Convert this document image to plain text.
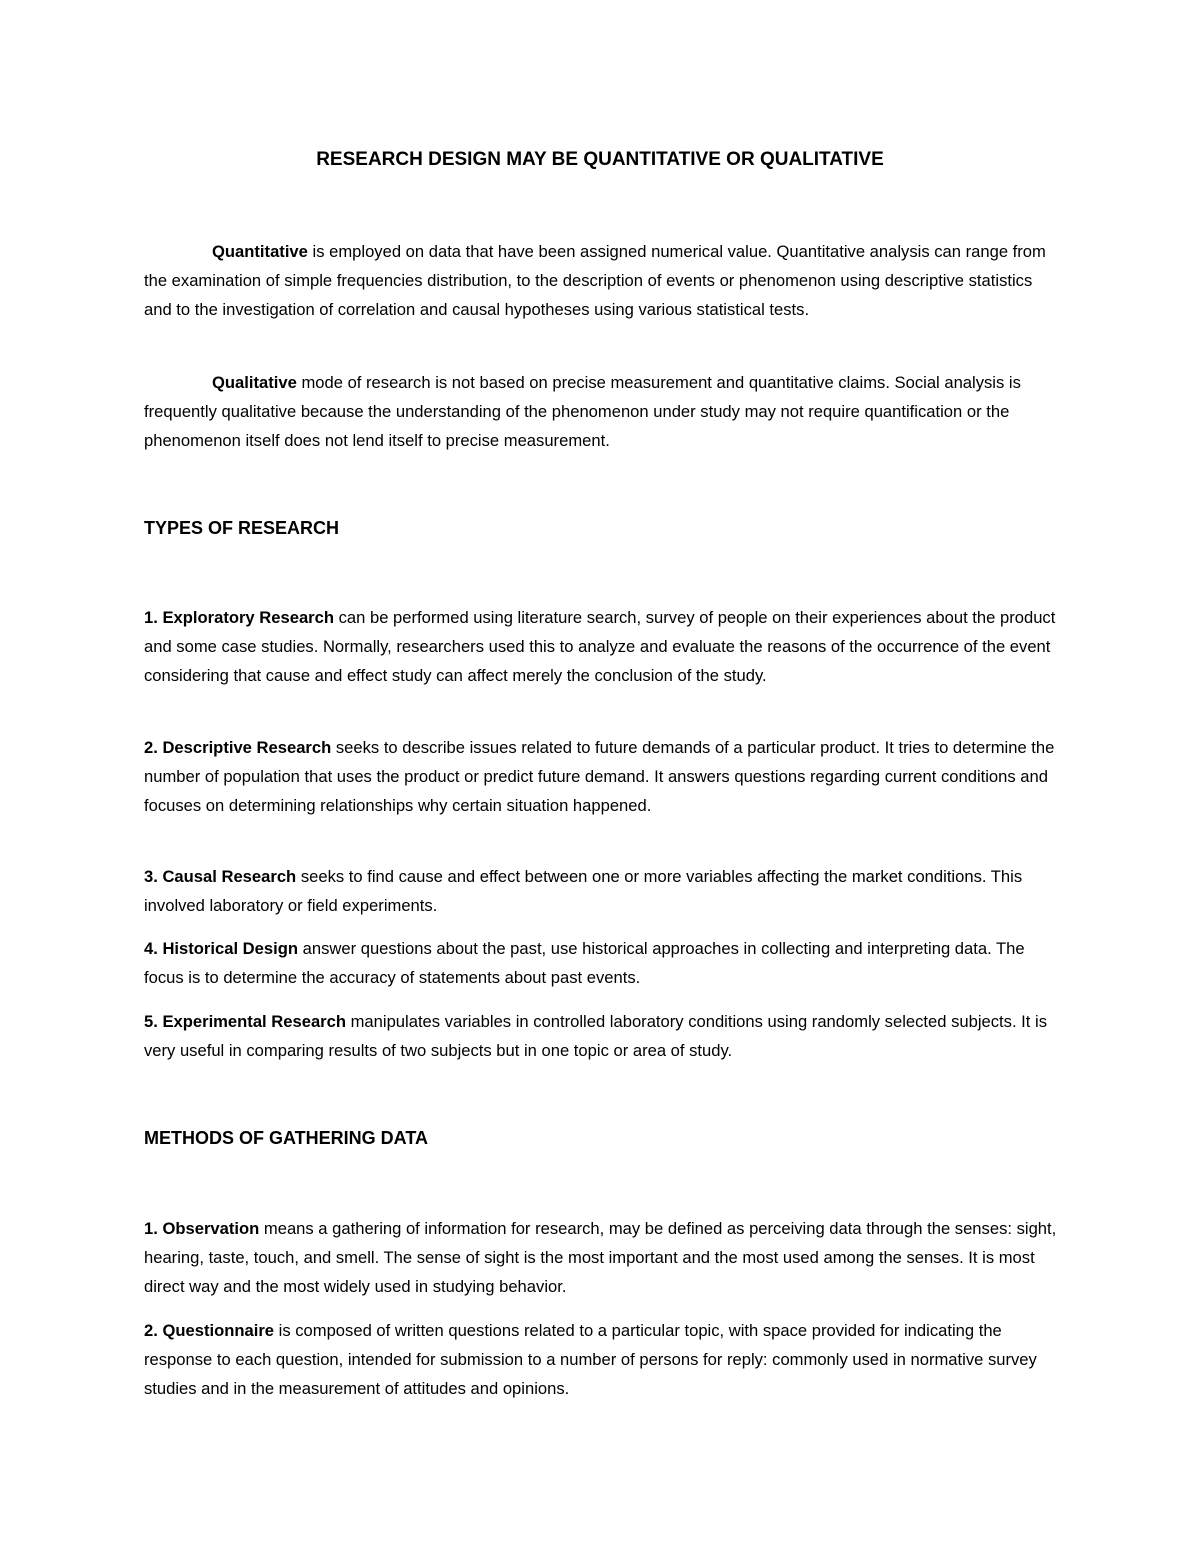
RESEARCH DESIGN MAY BE QUANTITATIVE OR QUALITATIVE

Quantitative is employed on data that have been assigned numerical value. Quantitative analysis can range from the examination of simple frequencies distribution, to the description of events or phenomenon using descriptive statistics and to the investigation of correlation and causal hypotheses using various statistical tests.

Qualitative mode of research is not based on precise measurement and quantitative claims. Social analysis is frequently qualitative because the understanding of the phenomenon under study may not require quantification or the phenomenon itself does not lend itself to precise measurement.

TYPES OF RESEARCH

1. Exploratory Research can be performed using literature search, survey of people on their experiences about the product and some case studies. Normally, researchers used this to analyze and evaluate the reasons of the occurrence of the event considering that cause and effect study can affect merely the conclusion of the study.

2. Descriptive Research seeks to describe issues related to future demands of a particular product. It tries to determine the number of population that uses the product or predict future demand. It answers questions regarding current conditions and focuses on determining relationships why certain situation happened.

3. Causal Research seeks to find cause and effect between one or more variables affecting the market conditions. This involved laboratory or field experiments.

4. Historical Design answer questions about the past, use historical approaches in collecting and interpreting data. The focus is to determine the accuracy of statements about past events.

5. Experimental Research manipulates variables in controlled laboratory conditions using randomly selected subjects. It is very useful in comparing results of two subjects but in one topic or area of study.

METHODS OF GATHERING DATA

1. Observation means a gathering of information for research, may be defined as perceiving data through the senses: sight, hearing, taste, touch, and smell. The sense of sight is the most important and the most used among the senses. It is most direct way and the most widely used in studying behavior.

2. Questionnaire is composed of written questions related to a particular topic, with space provided for indicating the response to each question, intended for submission to a number of persons for reply: commonly used in normative survey studies and in the measurement of attitudes and opinions.
